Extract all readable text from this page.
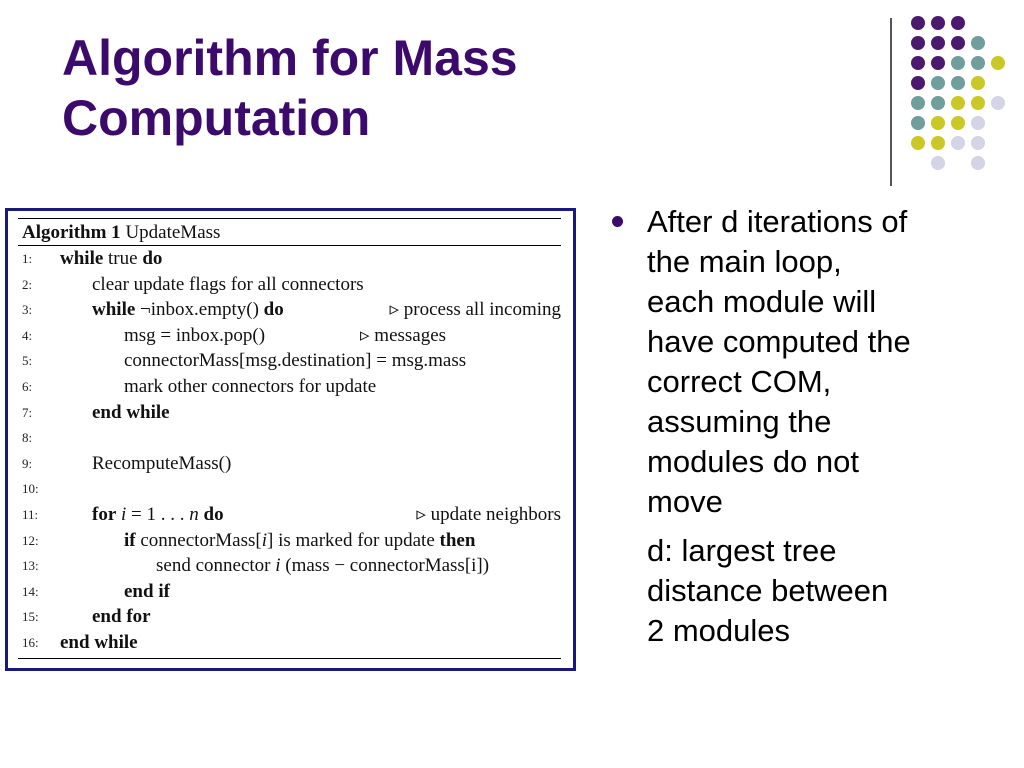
Algorithm for Mass
Computation
Algorithm 1 UpdateMass
1:	while true do
2:	clear update flags for all connectors
3:	while ¬inbox.empty() do	▹ process all incoming
4:	msg = inbox.pop()	▹ messages
5:	connectorMass[msg.destination] = msg.mass
6:	mark other connectors for update
7:	end while
8:
9:	RecomputeMass()
10:
11:	for i = 1 . . . n do	▹ update neighbors
12:	if connectorMass[i] is marked for update then
13:	send connector i (mass − connectorMass[i])
14:	end if
15:	end for
16:	end while
After d iterations of
the main loop,
each module will
have computed the
correct COM,
assuming the
modules do not
move
d: largest tree
distance between
2 modules
